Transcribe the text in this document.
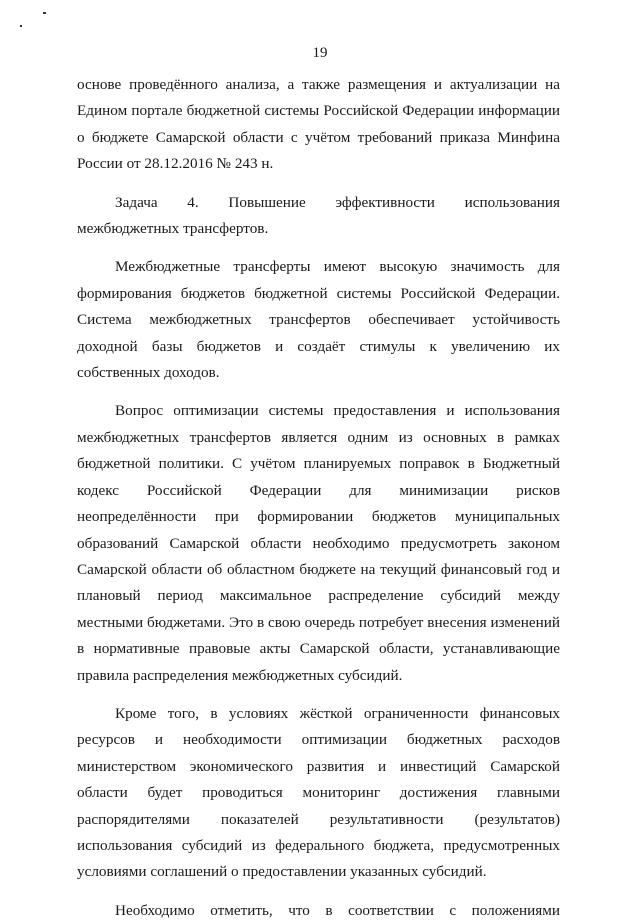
19

основе проведённого анализа, а также размещения и актуализации на Едином портале бюджетной системы Российской Федерации информации о бюджете Самарской области с учётом требований приказа Минфина России от 28.12.2016 № 243 н.

Задача 4. Повышение эффективности использования межбюджетных трансфертов.

Межбюджетные трансферты имеют высокую значимость для формирования бюджетов бюджетной системы Российской Федерации. Система межбюджетных трансфертов обеспечивает устойчивость доходной базы бюджетов и создаёт стимулы к увеличению их собственных доходов.

Вопрос оптимизации системы предоставления и использования межбюджетных трансфертов является одним из основных в рамках бюджетной политики. С учётом планируемых поправок в Бюджетный кодекс Российской Федерации для минимизации рисков неопределённости при формировании бюджетов муниципальных образований Самарской области необходимо предусмотреть законом Самарской области об областном бюджете на текущий финансовый год и плановый период максимальное распределение субсидий между местными бюджетами. Это в свою очередь потребует внесения изменений в нормативные правовые акты Самарской области, устанавливающие правила распределения межбюджетных субсидий.

Кроме того, в условиях жёсткой ограниченности финансовых ресурсов и необходимости оптимизации бюджетных расходов министерством экономического развития и инвестиций Самарской области будет проводиться мониторинг достижения главными распорядителями показателей результативности (результатов) использования субсидий из федерального бюджета, предусмотренных условиями соглашений о предоставлении указанных субсидий.

Необходимо отметить, что в соответствии с положениями
